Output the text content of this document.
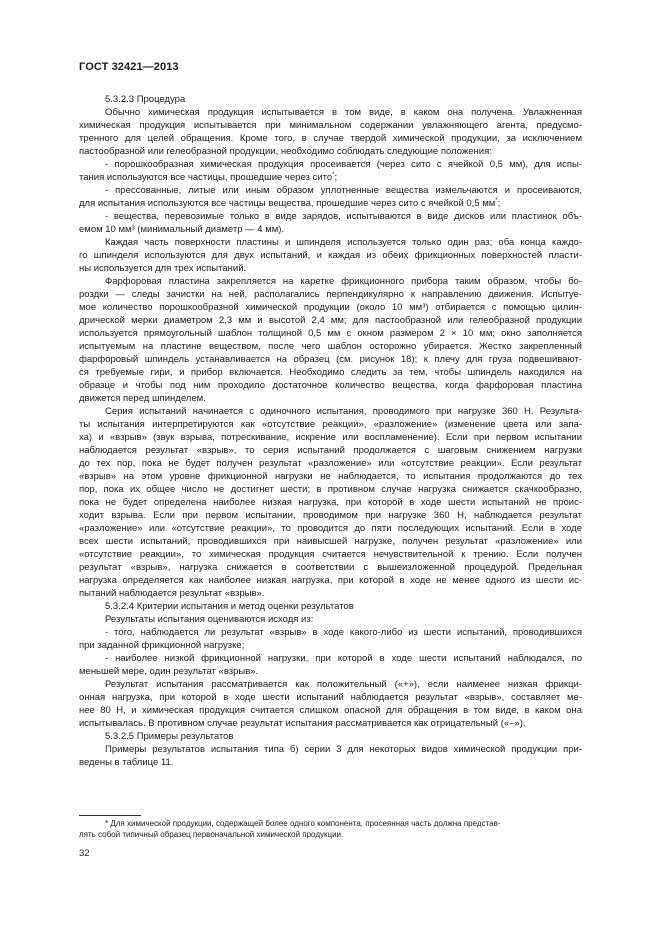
ГОСТ 32421—2013
5.3.2.3 Процедура
Обычно химическая продукция испытывается в том виде, в каком она получена. Увлажненная
химическая продукция испытывается при минимальном содержании увлажняющего агента, предусмо-
тренного для целей обращения. Кроме того, в случае твердой химической продукции, за исключением
пастообразной или гелеобразной продукции, необходимо соблюдать следующие положения:
- порошкообразная химическая продукция просеивается (через сито с ячейкой 0,5 мм), для испы-
тания используются все частицы, прошедшие через сито*;
- прессованные, литые или иным образом уплотненные вещества измельчаются и просеиваются,
для испытания используются все частицы вещества, прошедшие через сито с ячейкой 0,5 мм*;
- вещества, перевозимые только в виде зарядов, испытываются в виде дисков или пластинок объ-
емом 10 мм³ (минимальный диаметр — 4 мм).
Каждая часть поверхности пластины и шпинделя используется только один раз; оба конца каждо-
го шпинделя используются для двух испытаний, и каждая из обеих фрикционных поверхностей пласти-
ны используется для трех испытаний.
Фарфоровая пластина закрепляется на каретке фрикционного прибора таким образом, чтобы бо-
роздки — следы зачистки на ней, располагались перпендикулярно к направлению движения. Испытуе-
мое количество порошкообразной химической продукции (около 10 мм³) отбирается с помощью цилин-
дрической мерки диаметром 2,3 мм и высотой 2,4 мм; для пастообразной или гелеобразной продукции
используется прямоугольный шаблон толщиной 0,5 мм с окном размером 2 × 10 мм; окно заполняется
испытуемым на пластине веществом, после чего шаблон осторожно убирается. Жестко закрепленный
фарфоровый шпиндель устанавливается на образец (см. рисунок 18); к плечу для груза подвешивают-
ся требуемые гири, и прибор включается. Необходимо следить за тем, чтобы шпиндель находился на
образце и чтобы под ним проходило достаточное количество вещества, когда фарфоровая пластина
движется перед шпинделем.
Серия испытаний начинается с одиночного испытания, проводимого при нагрузке 360 Н. Результа-
ты испытания интерпретируются как «отсутствие реакции», «разложение» (изменение цвета или запа-
ха) и «взрыв» (звук взрыва, потрескивание, искрение или воспламенение). Если при первом испытании
наблюдается результат «взрыв», то серия испытаний продолжается с шаговым снижением нагрузки
до тех пор, пока не будет получен результат «разложение» или «отсутствие реакции». Если результат
«взрыв» на этом уровне фрикционной нагрузки не наблюдается, то испытания продолжаются до тех
пор, пока их общее число не достигнет шести; в противном случае нагрузка снижается скачкообразно,
пока не будет определена наиболее низкая нагрузка, при которой в ходе шести испытаний не проис-
ходит взрыва. Если при первом испытании, проводимом при нагрузке 360 Н, наблюдается результат
«разложение» или «отсутствие реакции», то проводится до пяти последующих испытаний. Если в ходе
всех шести испытаний, проводившихся при наивысшей нагрузке, получен результат «разложение» или
«отсутствие реакции», то химическая продукция считается нечувствительной к трению. Если получен
результат «взрыв», нагрузка снижается в соответствии с вышеизложенной процедурой. Предельная
нагрузка определяется как наиболее низкая нагрузка, при которой в ходе не менее одного из шести ис-
пытаний наблюдается результат «взрыв».
5.3.2.4 Критерии испытания и метод оценки результатов
Результаты испытания оцениваются исходя из:
- того, наблюдается ли результат «взрыв» в ходе какого-либо из шести испытаний, проводившихся
при заданной фрикционной нагрузке;
- наиболее низкой фрикционной нагрузки, при которой в ходе шести испытаний наблюдался, по
меньшей мере, один результат «взрыв».
Результат испытания рассматривается как положительный («+»), если наименее низкая фрикци-
онная нагрузка, при которой в ходе шести испытаний наблюдается результат «взрыв», составляет ме-
нее 80 Н, и химическая продукция считается слишком опасной для обращения в том виде, в каком она
испытывалась. В противном случае результат испытания рассматривается как отрицательный («–»).
5.3.2.5 Примеры результатов
Примеры результатов испытания типа б) серии 3 для некоторых видов химической продукции при-
ведены в таблице 11.
* Для химической продукции, содержащей более одного компонента, просеянная часть должна представ-
лять собой типичный образец первоначальной химической продукции.
32
